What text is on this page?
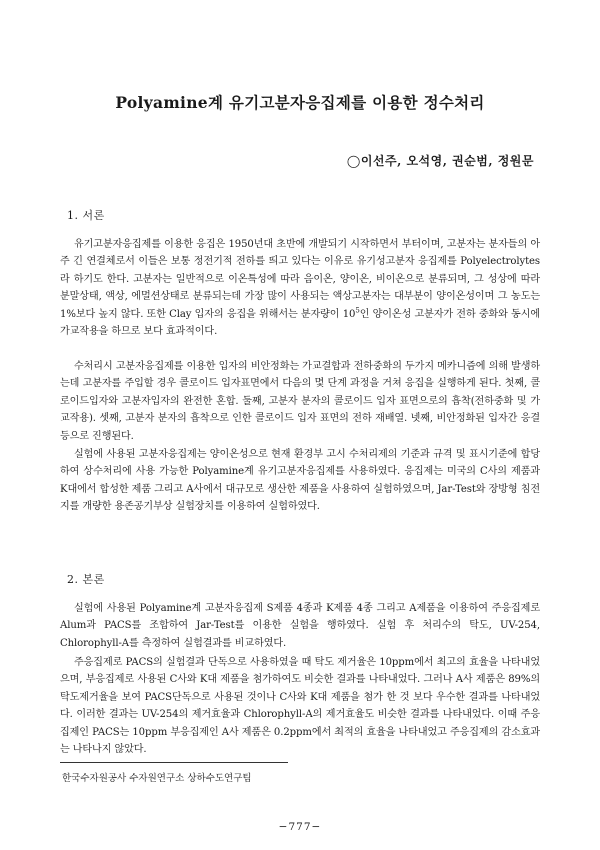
Polyamine계 유기고분자응집제를 이용한 정수처리
◯이선주, 오석영, 권순범, 정원문
1. 서론

유기고분자응집제를 이용한 응집은 1950년대 초반에 개발되기 시작하면서 부터이며, 고분자는 분자들의 아주 긴 연결체로서 이들은 보통 정전기적 전하를 띄고 있다는 이유로 유기성고분자 응집제를 Polyelectrolytes라 하기도 한다. 고분자는 일반적으로 이온특성에 따라 음이온, 양이온, 비이온으로 분류되며, 그 성상에 따라 분말상태, 액상, 에멀션상태로 분류되는데 가장 많이 사용되는 액상고분자는 대부분이 양이온성이며 그 농도는 1%보다 높지 않다. 또한 Clay 입자의 응집을 위해서는 분자량이 $10^5$인 양이온성 고분자가 전하 중화와 동시에 가교작용을 하므로 보다 효과적이다.

수처리시 고분자응집제를 이용한 입자의 비안정화는 가교결합과 전하중화의 두가지 메카니즘에 의해 발생하는데 고분자를 주입할 경우 콜로이드 입자표면에서 다음의 몇 단계 과정을 거쳐 응집을 실행하게 된다. 첫째, 콜로이드입자와 고분자입자의 완전한 혼합. 둘째, 고분자 분자의 콜로이드 입자 표면으로의 흡착(전하중화 및 가교작용). 셋째, 고분자 분자의 흡착으로 인한 콜로이드 입자 표면의 전하 재배열. 넷째, 비안정화된 입자간 응결 등으로 진행된다.

실험에 사용된 고분자응집제는 양이온성으로 현재 환경부 고시 수처리제의 기준과 규격 및 표시기준에 합당하여 상수처리에 사용 가능한 Polyamine계 유기고분자응집제를 사용하였다. 응집제는 미국의 C사의 제품과 K대에서 합성한 제품 그리고 A사에서 대규모로 생산한 제품을 사용하여 실험하였으며, Jar-Test와 장방형 침전지를 개량한 용존공기부상 실험장치를 이용하여 실험하였다.

2. 본론

실험에 사용된 Polyamine계 고분자응집제 S제품 4종과 K제품 4종 그리고 A제품을 이용하여 주응집제로 Alum과 PACS를 조합하여 Jar-Test를 이용한 실험을 행하였다. 실험 후 처리수의 탁도, UV-254, Chlorophyll-A를 측정하여 실험결과를 비교하였다.

주응집제로 PACS의 실험결과 단독으로 사용하였을 때 탁도 제거율은 10ppm에서 최고의 효율을 나타내었으며, 부응집제로 사용된 C사와 K대 제품을 첨가하여도 비슷한 결과를 나타내었다. 그러나 A사 제품은 89%의 탁도제거율을 보여 PACS단독으로 사용된 것이나 C사와 K대 제품을 첨가 한 것 보다 우수한 결과를 나타내었다. 이러한 결과는 UV-254의 제거효율과 Chlorophyll-A의 제거효율도 비슷한 결과를 나타내었다. 이때 주응집제인 PACS는 10ppm 부응집제인 A사 제품은 0.2ppm에서 최적의 효율을 나타내었고 주응집제의 감소효과는 나타나지 않았다.

한국수자원공사 수자원연구소 상하수도연구팀
−777−
